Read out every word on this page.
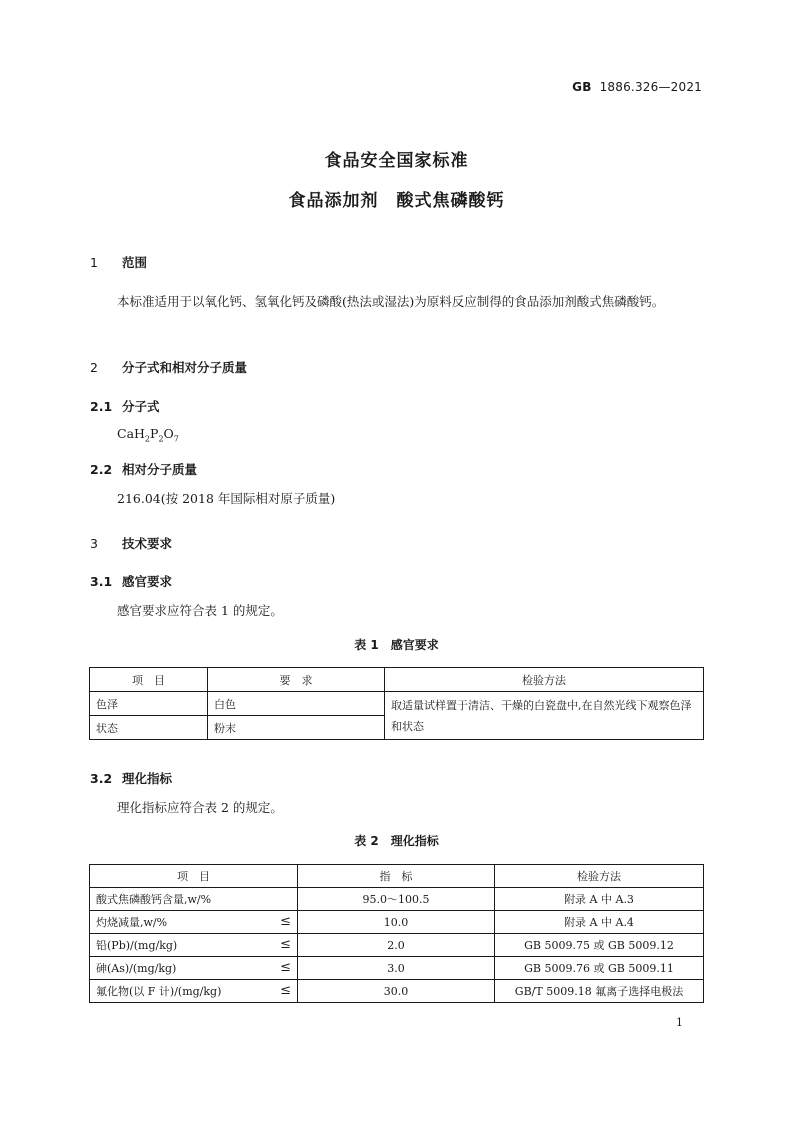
GB 1886.326—2021
食品安全国家标准
食品添加剂　酸式焦磷酸钙
1 范围
本标准适用于以氧化钙、氢氧化钙及磷酸(热法或湿法)为原料反应制得的食品添加剂酸式焦磷酸钙。
2 分子式和相对分子质量
2.1 分子式
$CaH_2P_2O_7$
2.2 相对分子质量
216.04(按 2018 年国际相对原子质量)
3 技术要求
3.1 感官要求
感官要求应符合表 1 的规定。
表 1　感官要求
项　目	要　求	检验方法
色泽	白色	取适量试样置于清洁、干燥的白瓷盘中,在自然光线下观察色泽和状态
状态	粉末	
3.2 理化指标
理化指标应符合表 2 的规定。
表 2　理化指标
项　目	指　标	检验方法
酸式焦磷酸钙含量,w/%	95.0～100.5	附录 A 中 A.3
灼烧减量,w/% ≤	10.0	附录 A 中 A.4
铅(Pb)/(mg/kg) ≤	2.0	GB 5009.75 或 GB 5009.12
砷(As)/(mg/kg) ≤	3.0	GB 5009.76 或 GB 5009.11
氟化物(以 F 计)/(mg/kg) ≤	30.0	GB/T 5009.18 氟离子选择电极法
1
